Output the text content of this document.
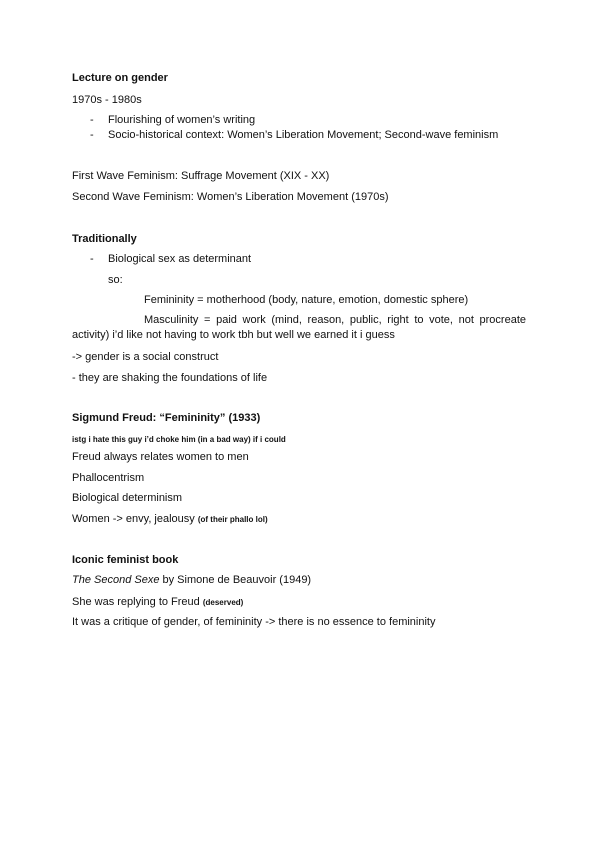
Lecture on gender
1970s - 1980s
- Flourishing of women’s writing
- Socio-historical context: Women’s Liberation Movement; Second-wave feminism
First Wave Feminism: Suffrage Movement (XIX - XX)
Second Wave Feminism: Women’s Liberation Movement (1970s)
Traditionally
- Biological sex as determinant
so:
Femininity = motherhood (body, nature, emotion, domestic sphere)
Masculinity = paid work (mind, reason, public, right to vote, not procreate
activity) i’d like not having to work tbh but well we earned it i guess
-> gender is a social construct
- they are shaking the foundations of life
Sigmund Freud: “Femininity” (1933)
istg i hate this guy i’d choke him (in a bad way) if i could
Freud always relates women to men
Phallocentrism
Biological determinism
Women -> envy, jealousy (of their phallo lol)
Iconic feminist book
The Second Sexe by Simone de Beauvoir (1949)
She was replying to Freud (deserved)
It was a critique of gender, of femininity -> there is no essence to femininity
